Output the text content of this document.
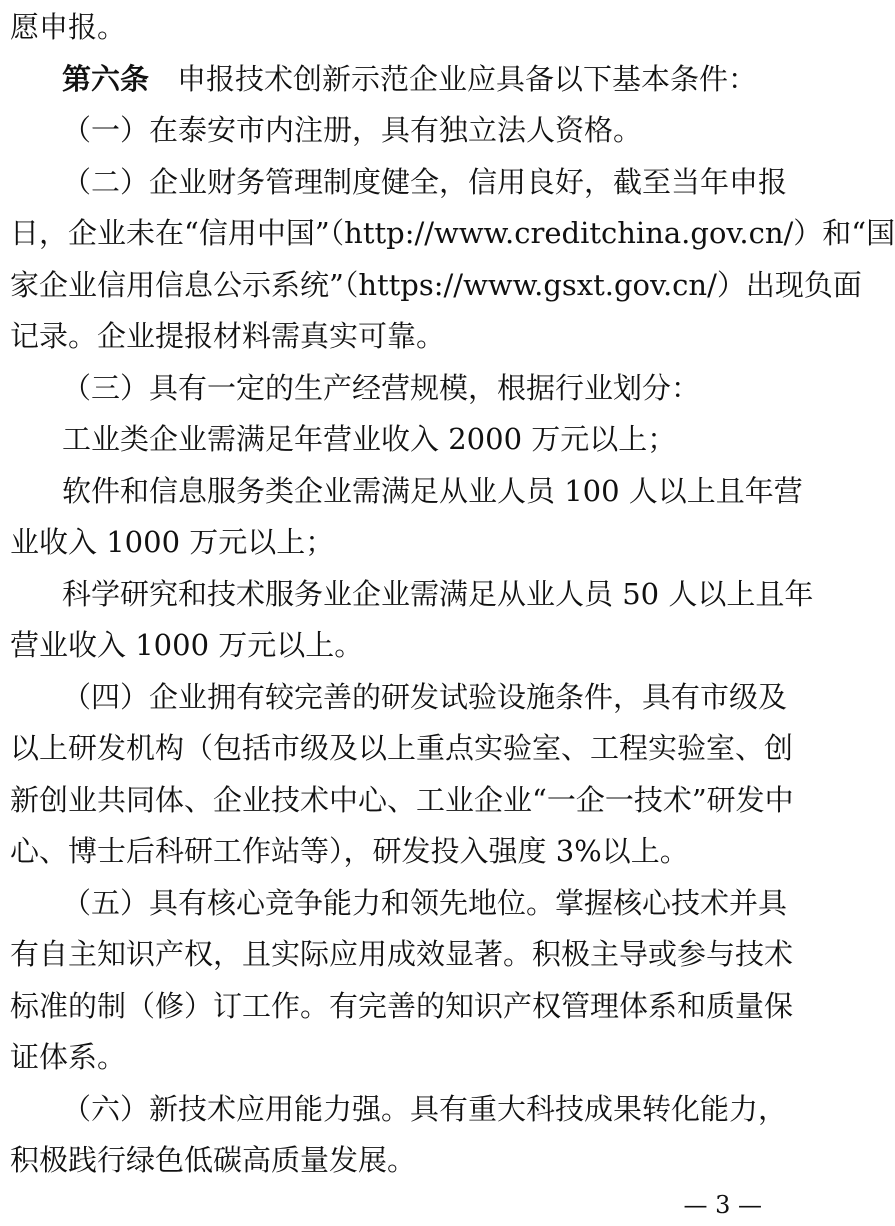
愿申报。
第六条 申报技术创新示范企业应具备以下基本条件：
（一）在泰安市内注册，具有独立法人资格。
（二）企业财务管理制度健全，信用良好，截至当年申报
日，企业未在“信用中国”（http://www.creditchina.gov.cn/）和“国
家企业信用信息公示系统”（https://www.gsxt.gov.cn/）出现负面
记录。企业提报材料需真实可靠。
（三）具有一定的生产经营规模，根据行业划分：
工业类企业需满足年营业收入 2000 万元以上；
软件和信息服务类企业需满足从业人员 100 人以上且年营
业收入 1000 万元以上；
科学研究和技术服务业企业需满足从业人员 50 人以上且年
营业收入 1000 万元以上。
（四）企业拥有较完善的研发试验设施条件，具有市级及
以上研发机构（包括市级及以上重点实验室、工程实验室、创
新创业共同体、企业技术中心、工业企业“一企一技术”研发中
心、博士后科研工作站等），研发投入强度 3%以上。
（五）具有核心竞争能力和领先地位。掌握核心技术并具
有自主知识产权，且实际应用成效显著。积极主导或参与技术
标准的制（修）订工作。有完善的知识产权管理体系和质量保
证体系。
（六）新技术应用能力强。具有重大科技成果转化能力，
— 3 —
积极践行绿色低碳高质量发展。
